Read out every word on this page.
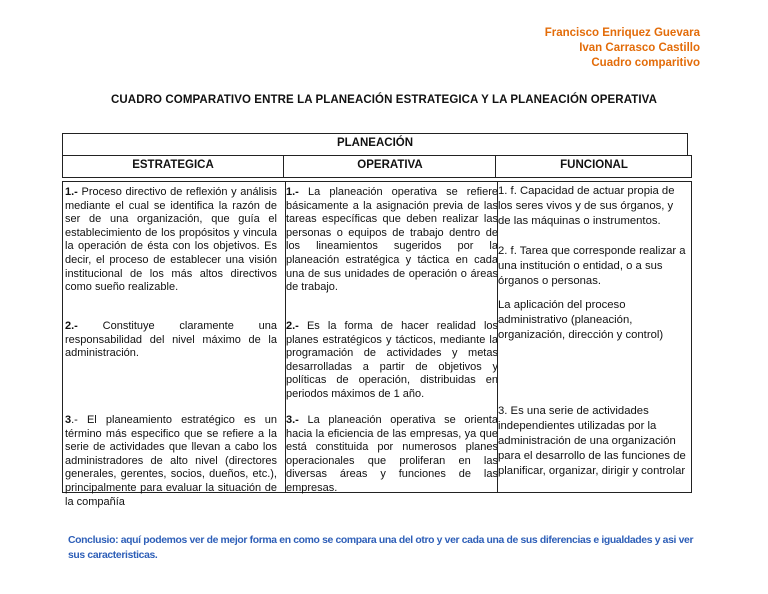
Francisco Enriquez Guevara
Ivan Carrasco Castillo
Cuadro comparitivo
CUADRO COMPARATIVO ENTRE LA PLANEACIÓN ESTRATEGICA Y LA PLANEACIÓN OPERATIVA
PLANEACIÓN
ESTRATEGICA	OPERATIVA	FUNCIONAL

1.- Proceso directivo de reflexión y análisis mediante el cual se identifica la razón de ser de una organización, que guía el establecimiento de los propósitos y vincula la operación de ésta con los objetivos. Es decir, el proceso de establecer una visión institucional de los más altos directivos como sueño realizable.

2.- Constituye claramente una responsabilidad del nivel máximo de la administración.

3.- El planeamiento estratégico es un término más especifico que se refiere a la serie de actividades que llevan a cabo los administradores de alto nivel (directores generales, gerentes, socios, dueños, etc.), principalmente para evaluar la situación de la compañía

1.- La planeación operativa se refiere básicamente a la asignación previa de las tareas específicas que deben realizar las personas o equipos de trabajo dentro de los lineamientos sugeridos por la planeación estratégica y táctica en cada una de sus unidades de operación o áreas de trabajo.

2.- Es la forma de hacer realidad los planes estratégicos y tácticos, mediante la programación de actividades y metas desarrolladas a partir de objetivos y políticas de operación, distribuidas en periodos máximos de 1 año.

3.- La planeación operativa se orienta hacia la eficiencia de las empresas, ya que está constituida por numerosos planes operacionales que proliferan en las diversas áreas y funciones de las empresas.

1. f. Capacidad de actuar propia de los seres vivos y de sus órganos, y de las máquinas o instrumentos.

2. f. Tarea que corresponde realizar a una institución o entidad, o a sus órganos o personas.

La aplicación del proceso administrativo (planeación, organización, dirección y control)

3. Es una serie de actividades independientes utilizadas por la administración de una organización para el desarrollo de las funciones de planificar, organizar, dirigir y controlar

Conclusio: aquí podemos ver de mejor forma en como se compara una del otro y ver cada una de sus diferencias e igualdades y asi ver sus caracteristicas.
